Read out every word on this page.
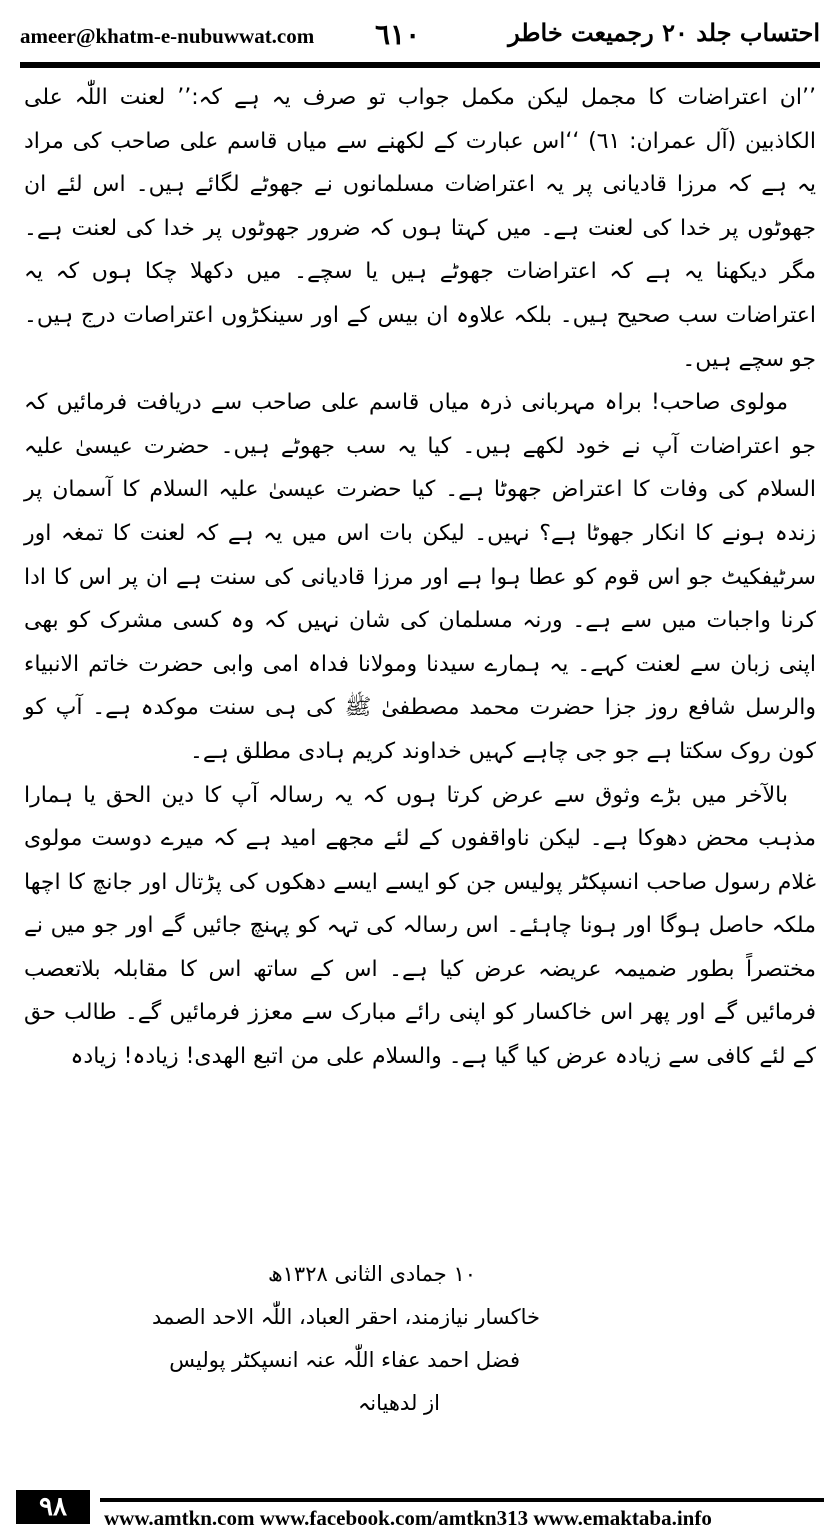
ameer@khatm-e-nubuwwat.com ٦١٠	احتساب جلد ۲۰ رجمیعت خاطر

’’ان اعتراضات کا مجمل لیکن مکمل جواب تو صرف یہ ہے کہ:’’ لعنت اللّٰہ علی الکاذبین (آل عمران: ٦١) ‘‘اس عبارت کے لکھنے سے میاں قاسم علی صاحب کی مراد یہ ہے کہ مرزا قادیانی پر یہ اعتراضات مسلمانوں نے جھوٹے لگائے ہیں۔ اس لئے ان جھوٹوں پر خدا کی لعنت ہے۔ میں کہتا ہوں کہ ضرور جھوٹوں پر خدا کی لعنت ہے۔ مگر دیکھنا یہ ہے کہ اعتراضات جھوٹے ہیں یا سچے۔ میں دکھلا چکا ہوں کہ یہ اعتراضات سب صحیح ہیں۔ بلکہ علاوہ ان بیس کے اور سینکڑوں اعتراصات درج ہیں۔ جو سچے ہیں۔

مولوی صاحب! براہ مہربانی ذرہ میاں قاسم علی صاحب سے دریافت فرمائیں کہ جو اعتراضات آپ نے خود لکھے ہیں۔ کیا یہ سب جھوٹے ہیں۔ حضرت عیسیٰ علیہ السلام کی وفات کا اعتراض جھوٹا ہے۔ کیا حضرت عیسیٰ علیہ السلام کا آسمان پر زندہ ہونے کا انکار جھوٹا ہے؟ نہیں۔ لیکن بات اس میں یہ ہے کہ لعنت کا تمغہ اور سرٹیفکیٹ جو اس قوم کو عطا ہوا ہے اور مرزا قادیانی کی سنت ہے ان پر اس کا ادا کرنا واجبات میں سے ہے۔ ورنہ مسلمان کی شان نہیں کہ وہ کسی مشرک کو بھی اپنی زبان سے لعنت کہے۔ یہ ہمارے سیدنا ومولانا فداہ امی وابی حضرت خاتم الانبیاء والرسل شافع روز جزا حضرت محمد مصطفیٰ ﷺ کی ہی سنت موکدہ ہے۔ آپ کو کون روک سکتا ہے جو جی چاہے کہیں خداوند کریم ہادی مطلق ہے۔

بالآخر میں بڑے وثوق سے عرض کرتا ہوں کہ یہ رسالہ آپ کا دین الحق یا ہمارا مذہب محض دھوکا ہے۔ لیکن ناواقفوں کے لئے مجھے امید ہے کہ میرے دوست مولوی غلام رسول صاحب انسپکٹر پولیس جن کو ایسے ایسے دھکوں کی پڑتال اور جانچ کا اچھا ملکہ حاصل ہوگا اور ہونا چاہئے۔ اس رسالہ کی تہہ کو پہنچ جائیں گے اور جو میں نے مختصراً بطور ضمیمہ عریضہ عرض کیا ہے۔ اس کے ساتھ اس کا مقابلہ بلاتعصب فرمائیں گے اور پھر اس خاکسار کو اپنی رائے مبارک سے معزز فرمائیں گے۔ طالب حق کے لئے کافی سے زیادہ عرض کیا گیا ہے۔ والسلام علی من اتبع الھدی! زیادہ! زیادہ

۱۰ جمادی الثانی ۱۳۲۸ھ
خاکسار نیازمند، احقر العباد، اللّٰہ الاحد الصمد
فضل احمد عفاء اللّٰہ عنہ انسپکٹر پولیس
از لدھیانہ
۹۸	www.amtkn.com www.facebook.com/amtkn313 www.emaktaba.info
